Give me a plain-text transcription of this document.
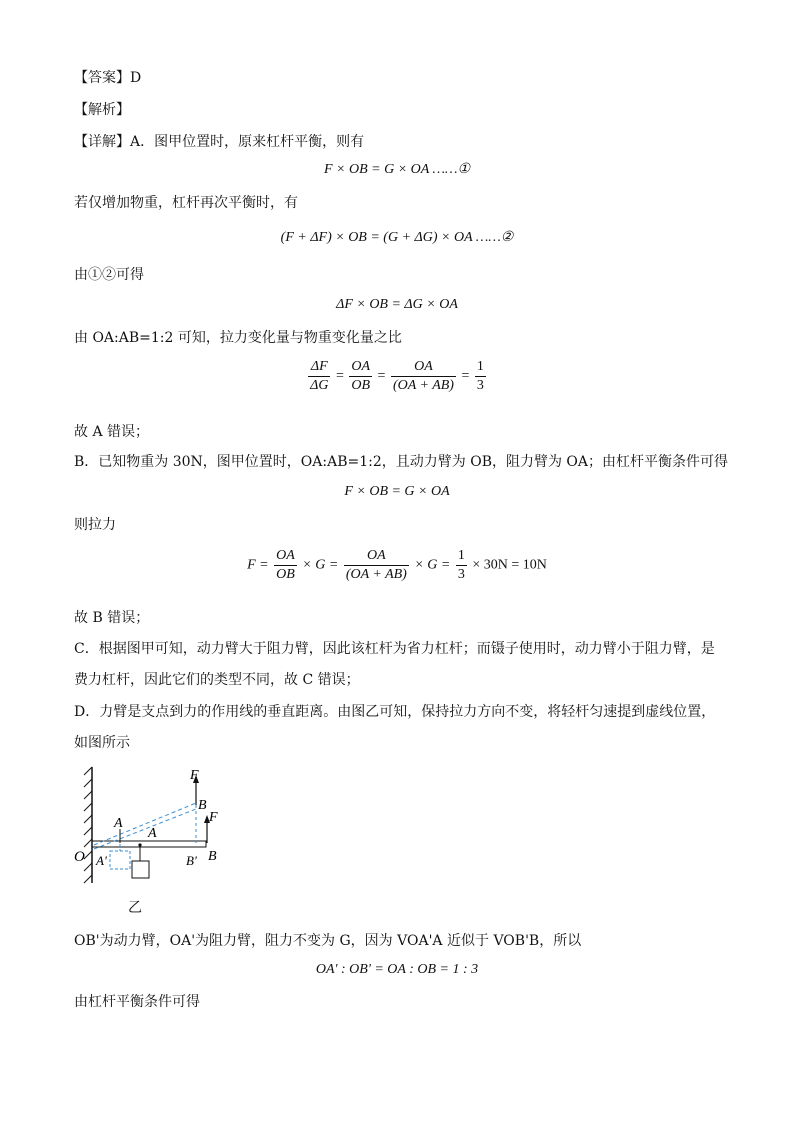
【答案】D
【解析】
【详解】A．图甲位置时，原来杠杆平衡，则有
F × OB = G × OA ……①
若仅增加物重，杠杆再次平衡时，有
(F + ΔF) × OB = (G + ΔG) × OA ……②
由①②可得
ΔF × OB = ΔG × OA
由 OA:AB=1:2 可知，拉力变化量与物重变化量之比
$\frac{\Delta F}{\Delta G} = \frac{OA}{OB} = \frac{OA}{(OA + AB)} = \frac{1}{3}$
故 A 错误；
B．已知物重为 30N，图甲位置时，OA:AB=1:2，且动力臂为 OB，阻力臂为 OA；由杠杆平衡条件可得
F × OB = G × OA
则拉力
$F = \frac{OA}{OB} \times G = \frac{OA}{(OA + AB)} \times G = \frac{1}{3} \times 30N = 10N$
故 B 错误；
C．根据图甲可知，动力臂大于阻力臂，因此该杠杆为省力杠杆；而镊子使用时，动力臂小于阻力臂，是
费力杠杆，因此它们的类型不同，故 C 错误；
D．力臂是支点到力的作用线的垂直距离。由图乙可知，保持拉力方向不变，将轻杆匀速提到虚线位置，
如图所示
F
B
F
A
A
O A'	B' B
乙
OB'为动力臂，OA'为阻力臂，阻力不变为 G，因为 VOA'A 近似于 VOB'B，所以
OA' : OB' = OA : OB = 1 : 3
由杠杆平衡条件可得
